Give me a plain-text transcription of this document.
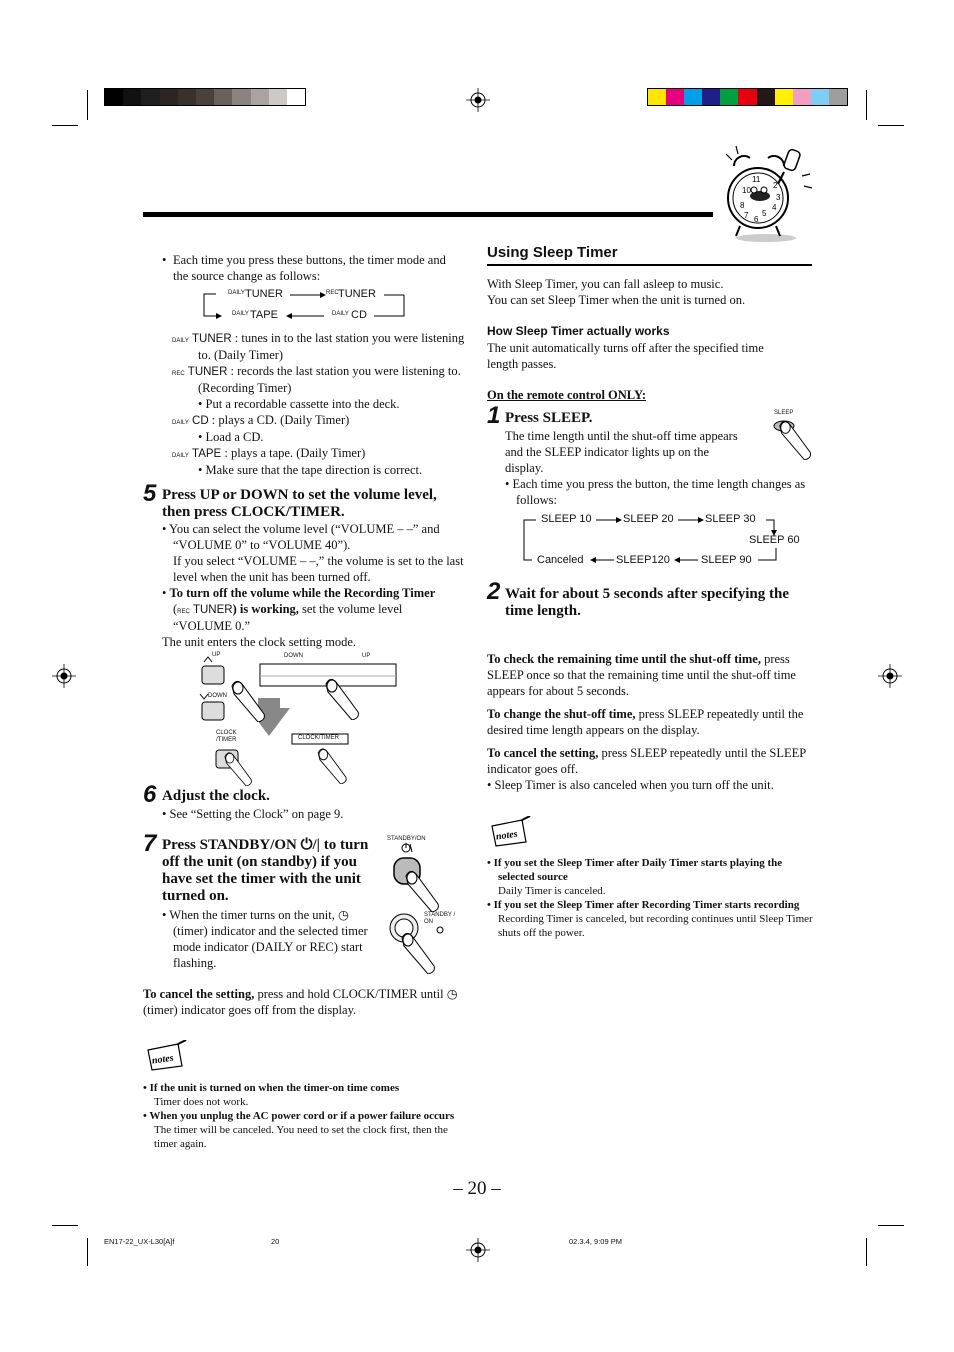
11
2
10
3
8	4
7 5
6
• Each time you press these buttons, the timer mode and the source change as follows:
DAILY TUNER	REC TUNER
DAILY TAPE	DAILY CD
DAILY TUNER : tunes in to the last station you were listening to. (Daily Timer)
REC TUNER : records the last station you were listening to. (Recording Timer)
• Put a recordable cassette into the deck.
DAILY CD : plays a CD. (Daily Timer)
• Load a CD.
DAILY TAPE : plays a tape. (Daily Timer)
• Make sure that the tape direction is correct.
5 Press UP or DOWN to set the volume level, then press CLOCK/TIMER.
• You can select the volume level (“VOLUME – –” and “VOLUME 0” to “VOLUME 40”).
If you select “VOLUME – –,” the volume is set to the last level when the unit has been turned off.
• To turn off the volume while the Recording Timer
(REC TUNER) is working, set the volume level “VOLUME 0.”
The unit enters the clock setting mode.
UP	DOWN	UP
DOWN
CLOCK
/TIMER	CLOCK/TIMER
6 Adjust the clock.
• See “Setting the Clock” on page 9.
7 Press STANDBY/ON ⏻/| to turn off the unit (on standby) if you have set the timer with the unit turned on.
• When the timer turns on the unit, ◷ (timer) indicator and the selected timer mode indicator (DAILY or REC) start flashing.
STANDBY/ON
STANDBY / ON
To cancel the setting, press and hold CLOCK/TIMER until ◷ (timer) indicator goes off from the display.
notes
• If the unit is turned on when the timer-on time comes
Timer does not work.
• When you unplug the AC power cord or if a power failure occurs
The timer will be canceled. You need to set the clock first, then the timer again.
Using Sleep Timer
With Sleep Timer, you can fall asleep to music.
You can set Sleep Timer when the unit is turned on.
How Sleep Timer actually works
The unit automatically turns off after the specified time length passes.
On the remote control ONLY:
1 Press SLEEP.
The time length until the shut-off time appears and the SLEEP indicator lights up on the display.
• Each time you press the button, the time length changes as follows:
SLEEP
SLEEP 10	SLEEP 20	SLEEP 30
SLEEP 60
SLEEP 90
SLEEP120
Canceled
2 Wait for about 5 seconds after specifying the time length.
To check the remaining time until the shut-off time, press SLEEP once so that the remaining time until the shut-off time appears for about 5 seconds.
To change the shut-off time, press SLEEP repeatedly until the desired time length appears on the display.
To cancel the setting, press SLEEP repeatedly until the SLEEP indicator goes off.
• Sleep Timer is also canceled when you turn off the unit.
notes
• If you set the Sleep Timer after Daily Timer starts playing the selected source
Daily Timer is canceled.
• If you set the Sleep Timer after Recording Timer starts recording
Recording Timer is canceled, but recording continues until Sleep Timer shuts off the power.
– 20 –
EN17-22_UX-L30[A]f	20	02.3.4, 9:09 PM
